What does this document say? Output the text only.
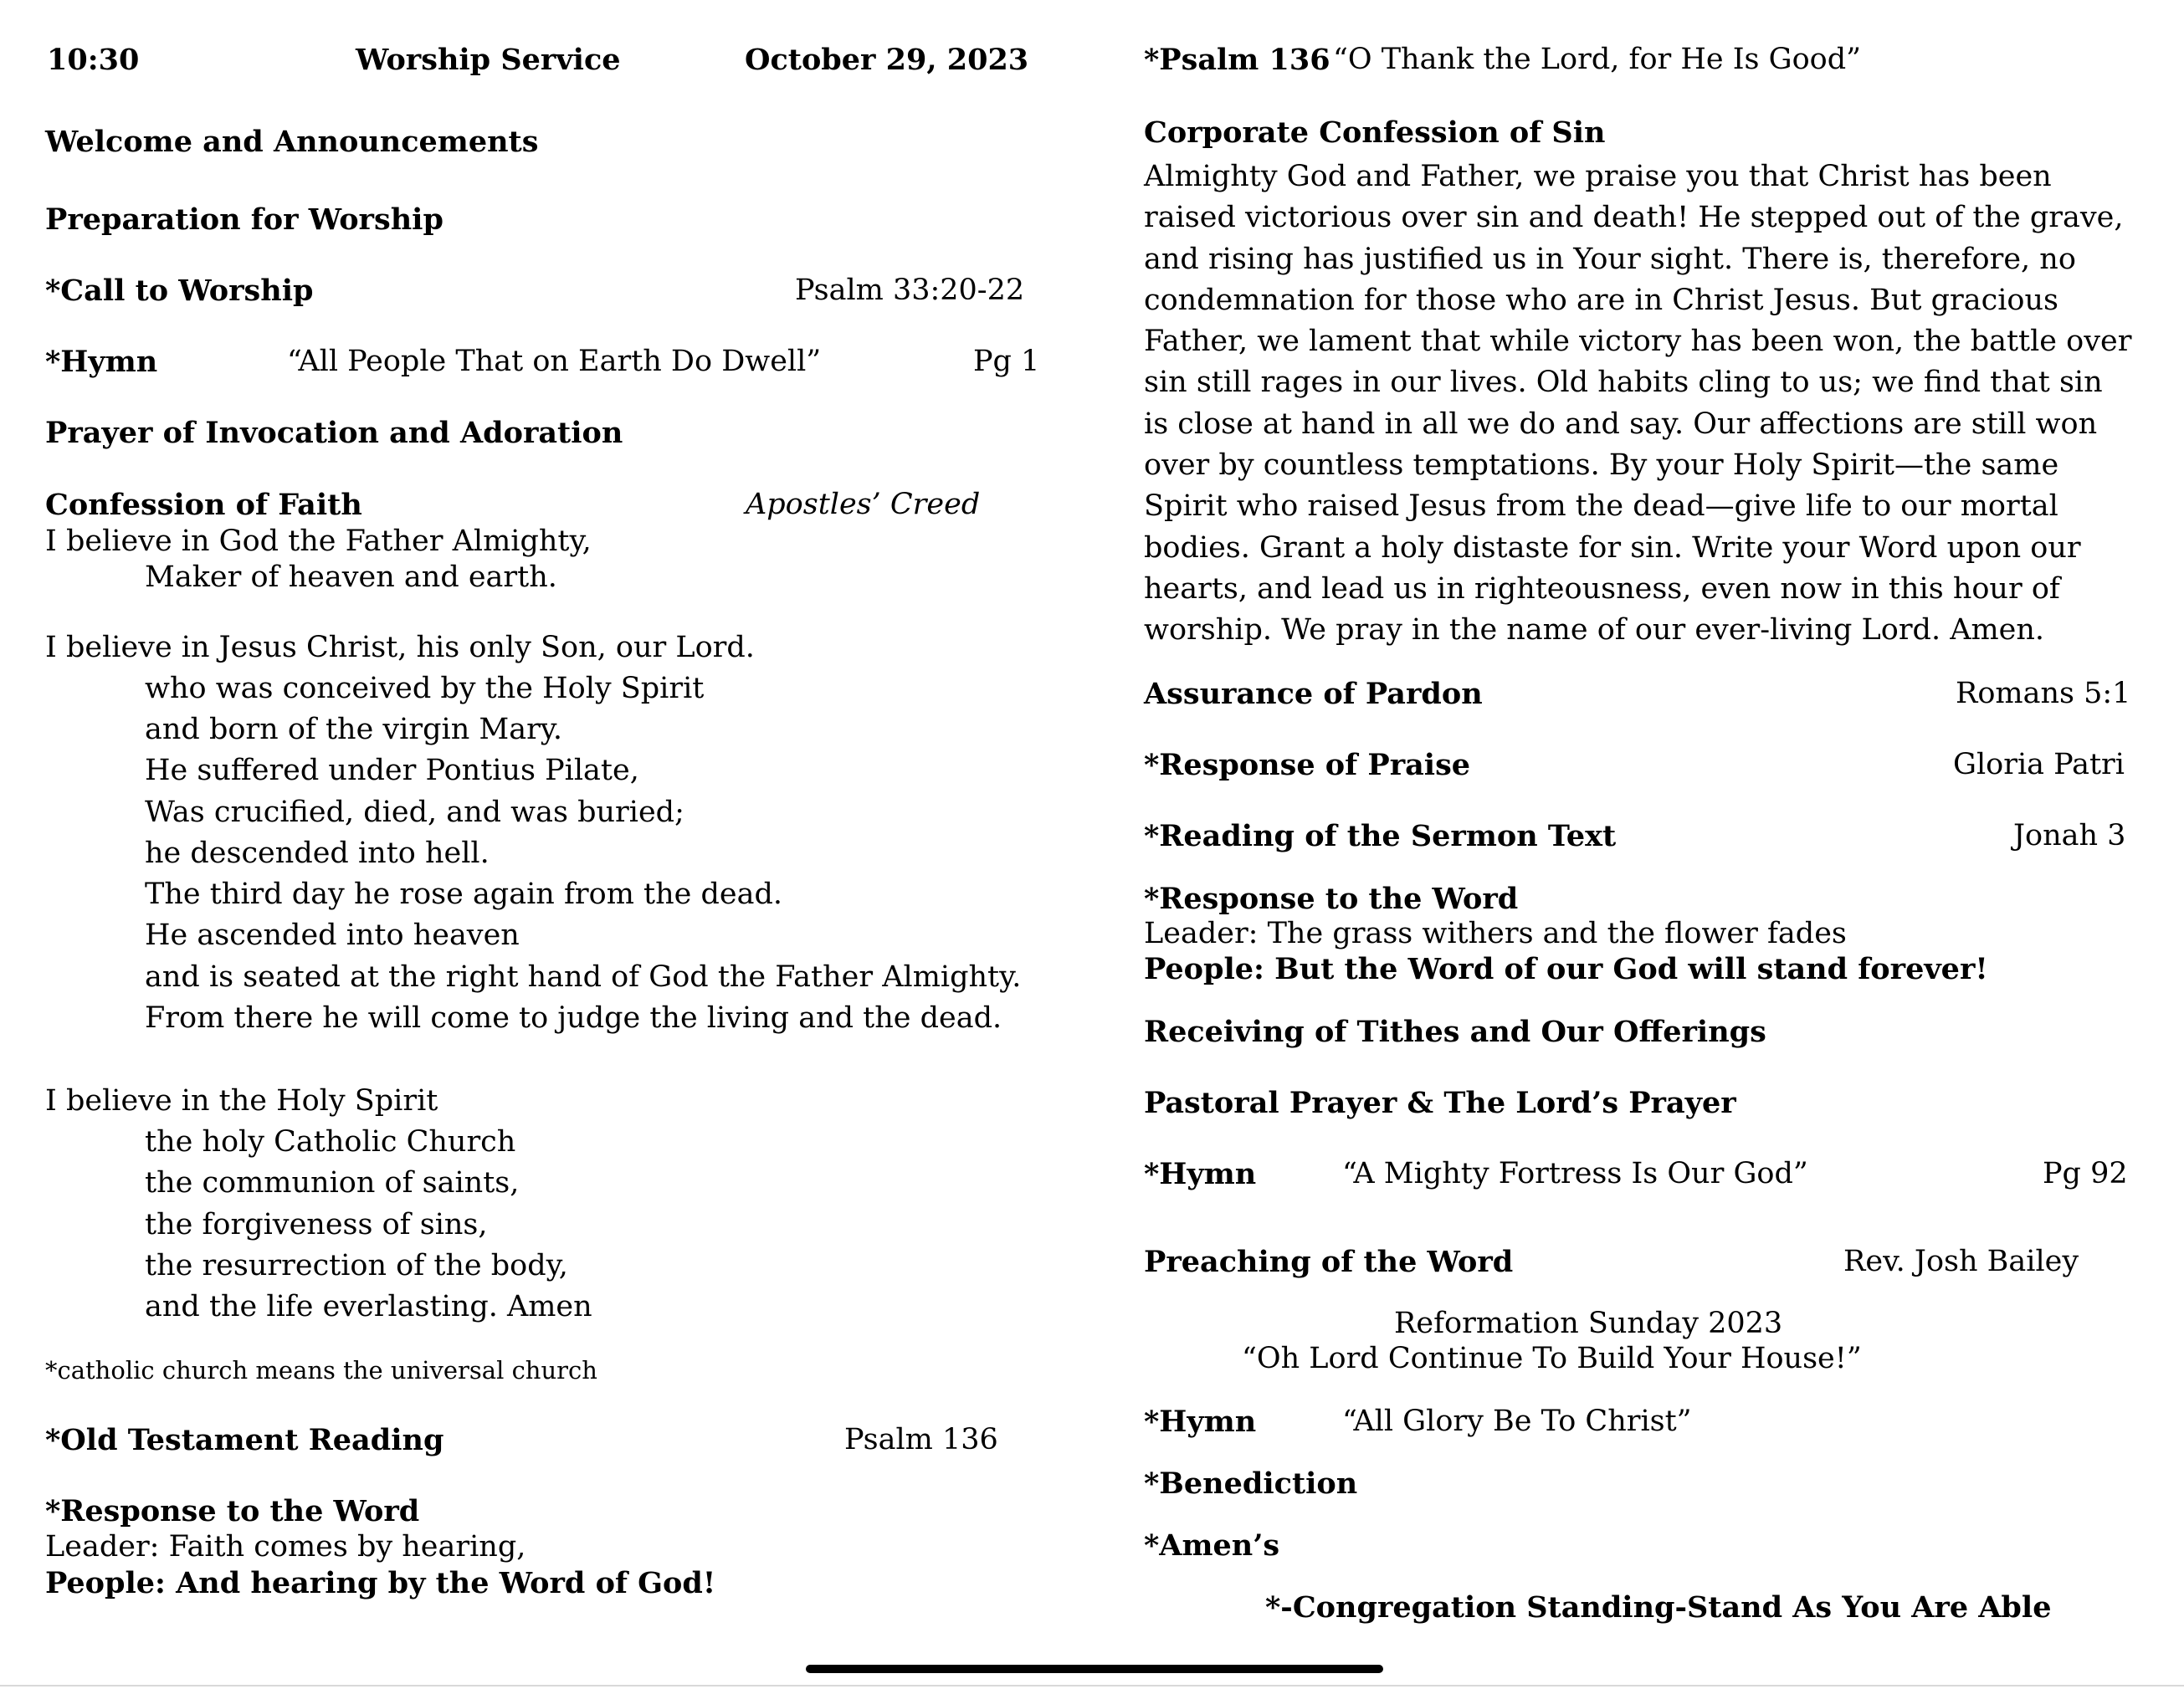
10:30	Worship Service	October 29, 2023
Welcome and Announcements
Preparation for Worship
*Call to Worship	Psalm 33:20-22
*Hymn	“All People That on Earth Do Dwell”	Pg 1
Prayer of Invocation and Adoration
Confession of Faith	Apostles’ Creed
I believe in God the Father Almighty,
Maker of heaven and earth.
I believe in Jesus Christ, his only Son, our Lord.
who was conceived by the Holy Spirit
and born of the virgin Mary.
He suffered under Pontius Pilate,
Was crucified, died, and was buried;
he descended into hell.
The third day he rose again from the dead.
He ascended into heaven
and is seated at the right hand of God the Father Almighty.
From there he will come to judge the living and the dead.
I believe in the Holy Spirit
the holy Catholic Church
the communion of saints,
the forgiveness of sins,
the resurrection of the body,
and the life everlasting. Amen
*catholic church means the universal church
*Old Testament Reading	Psalm 136
*Response to the Word
Leader: Faith comes by hearing,
People: And hearing by the Word of God!
*Psalm 136 “O Thank the Lord, for He Is Good”
Corporate Confession of Sin
Almighty God and Father, we praise you that Christ has been
raised victorious over sin and death! He stepped out of the grave,
and rising has justified us in Your sight. There is, therefore, no
condemnation for those who are in Christ Jesus. But gracious
Father, we lament that while victory has been won, the battle over
sin still rages in our lives. Old habits cling to us; we find that sin
is close at hand in all we do and say. Our affections are still won
over by countless temptations. By your Holy Spirit—the same
Spirit who raised Jesus from the dead—give life to our mortal
bodies. Grant a holy distaste for sin. Write your Word upon our
hearts, and lead us in righteousness, even now in this hour of
worship. We pray in the name of our ever-living Lord. Amen.
Assurance of Pardon	Romans 5:1
*Response of Praise	Gloria Patri
*Reading of the Sermon Text	Jonah 3
*Response to the Word
Leader: The grass withers and the flower fades
People: But the Word of our God will stand forever!
Receiving of Tithes and Our Offerings
Pastoral Prayer & The Lord’s Prayer
*Hymn	“A Mighty Fortress Is Our God”	Pg 92
Preaching of the Word	Rev. Josh Bailey
Reformation Sunday 2023
“Oh Lord Continue To Build Your House!”
*Hymn	“All Glory Be To Christ”
*Benediction
*Amen’s
*-Congregation Standing-Stand As You Are Able
